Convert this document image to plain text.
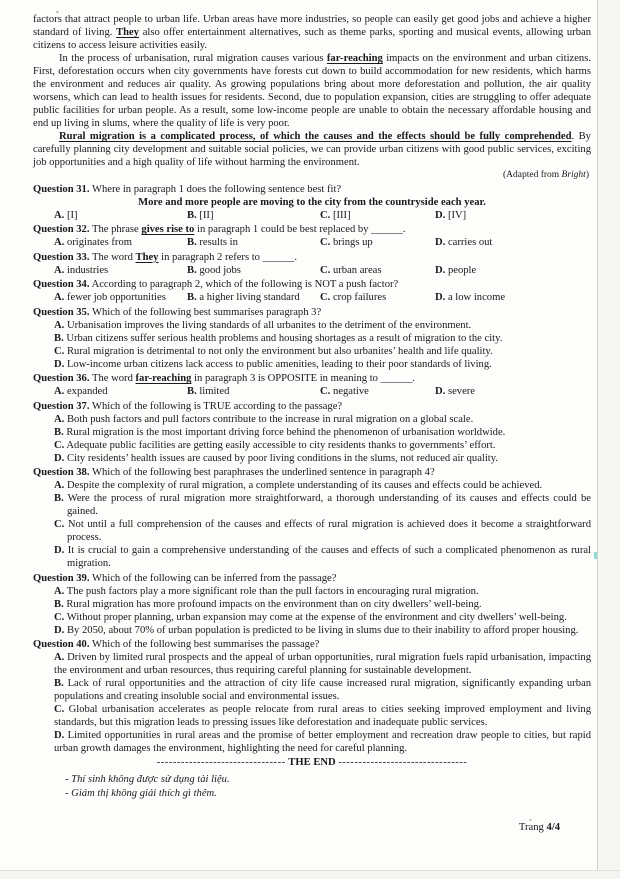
factors that attract people to urban life. Urban areas have more industries, so people can easily get good jobs and achieve a higher standard of living. They also offer entertainment alternatives, such as theme parks, sporting and musical events, allowing urban citizens to access leisure activities easily.

In the process of urbanisation, rural migration causes various far-reaching impacts on the environment and urban citizens. First, deforestation occurs when city governments have forests cut down to build accommodation for new residents, which harms the environment and reduces air quality. As growing populations bring about more deforestation and pollution, the air quality worsens, which can lead to health issues for residents. Second, due to population expansion, cities are struggling to offer adequate public facilities for urban people. As a result, some low-income people are unable to obtain the necessary affordable housing and end up living in slums, where the quality of life is very poor.

Rural migration is a complicated process, of which the causes and the effects should be fully comprehended. By carefully planning city development and suitable social policies, we can provide urban citizens with good public services, exciting job opportunities and a high quality of life without harming the environment.

(Adapted from Bright)

Question 31. Where in paragraph 1 does the following sentence best fit?

More and more people are moving to the city from the countryside each year.

A. [I]	B. [II]	C. [III]	D. [IV]

Question 32. The phrase gives rise to in paragraph 1 could be best replaced by ______.

A. originates from	B. results in	C. brings up	D. carries out

Question 33. The word They in paragraph 2 refers to ______.

A. industries	B. good jobs	C. urban areas	D. people

Question 34. According to paragraph 2, which of the following is NOT a push factor?

A. fewer job opportunities	B. a higher living standard	C. crop failures	D. a low income

Question 35. Which of the following best summarises paragraph 3?

A. Urbanisation improves the living standards of all urbanites to the detriment of the environment.
B. Urban citizens suffer serious health problems and housing shortages as a result of migration to the city.
C. Rural migration is detrimental to not only the environment but also urbanites’ health and life quality.
D. Low-income urban citizens lack access to public amenities, leading to their poor standards of living.

Question 36. The word far-reaching in paragraph 3 is OPPOSITE in meaning to ______.

A. expanded	B. limited	C. negative	D. severe

Question 37. Which of the following is TRUE according to the passage?

A. Both push factors and pull factors contribute to the increase in rural migration on a global scale.
B. Rural migration is the most important driving force behind the phenomenon of urbanisation worldwide.
C. Adequate public facilities are getting easily accessible to city residents thanks to governments’ effort.
D. City residents’ health issues are caused by poor living conditions in the slums, not reduced air quality.

Question 38. Which of the following best paraphrases the underlined sentence in paragraph 4?

A. Despite the complexity of rural migration, a complete understanding of its causes and effects could be achieved.
B. Were the process of rural migration more straightforward, a thorough understanding of its causes and effects could be gained.
C. Not until a full comprehension of the causes and effects of rural migration is achieved does it become a straightforward process.
D. It is crucial to gain a comprehensive understanding of the causes and effects of such a complicated phenomenon as rural migration.

Question 39. Which of the following can be inferred from the passage?

A. The push factors play a more significant role than the pull factors in encouraging rural migration.
B. Rural migration has more profound impacts on the environment than on city dwellers’ well-being.
C. Without proper planning, urban expansion may come at the expense of the environment and city dwellers’ well-being.
D. By 2050, about 70% of urban population is predicted to be living in slums due to their inability to afford proper housing.

Question 40. Which of the following best summarises the passage?

A. Driven by limited rural prospects and the appeal of urban opportunities, rural migration fuels rapid urbanisation, impacting the environment and urban resources, thus requiring careful planning for sustainable development.
B. Lack of rural opportunities and the attraction of city life cause increased rural migration, significantly expanding urban populations and creating insoluble social and environmental issues.
C. Global urbanisation accelerates as people relocate from rural areas to cities seeking improved employment and living standards, but this migration leads to pressing issues like deforestation and inadequate public services.
D. Limited opportunities in rural areas and the promise of better employment and recreation draw people to cities, but rapid urban growth damages the environment, highlighting the need for careful planning.

-------------------------------- THE END --------------------------------

- Thí sinh không được sử dụng tài liệu.

- Giám thị không giải thích gì thêm.

Trang 4/4
